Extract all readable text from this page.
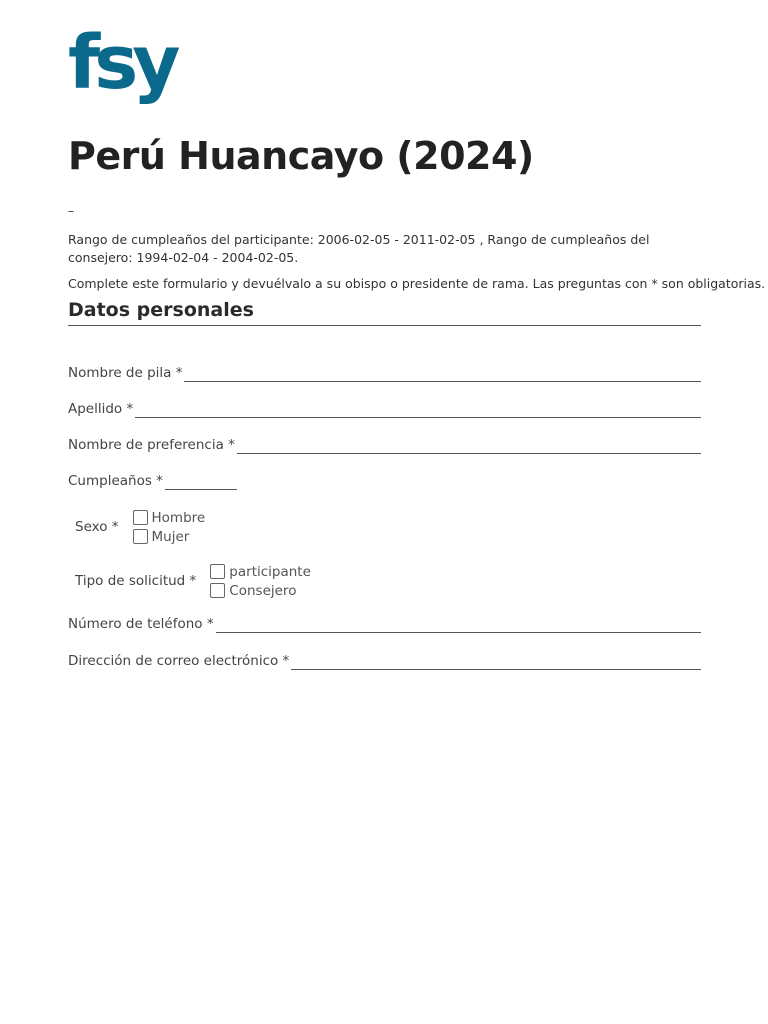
fsy
Perú Huancayo (2024)
–
Rango de cumpleaños del participante: 2006-02-05 - 2011-02-05 , Rango de cumpleaños del consejero: 1994-02-04 - 2004-02-05.
Complete este formulario y devuélvalo a su obispo o presidente de rama. Las preguntas con * son obligatorias.
Datos personales
Nombre de pila *
Apellido *
Nombre de preferencia *
Cumpleaños *
Sexo *
Hombre
Mujer
Tipo de solicitud *
participante
Consejero
Número de teléfono *
Dirección de correo electrónico *
